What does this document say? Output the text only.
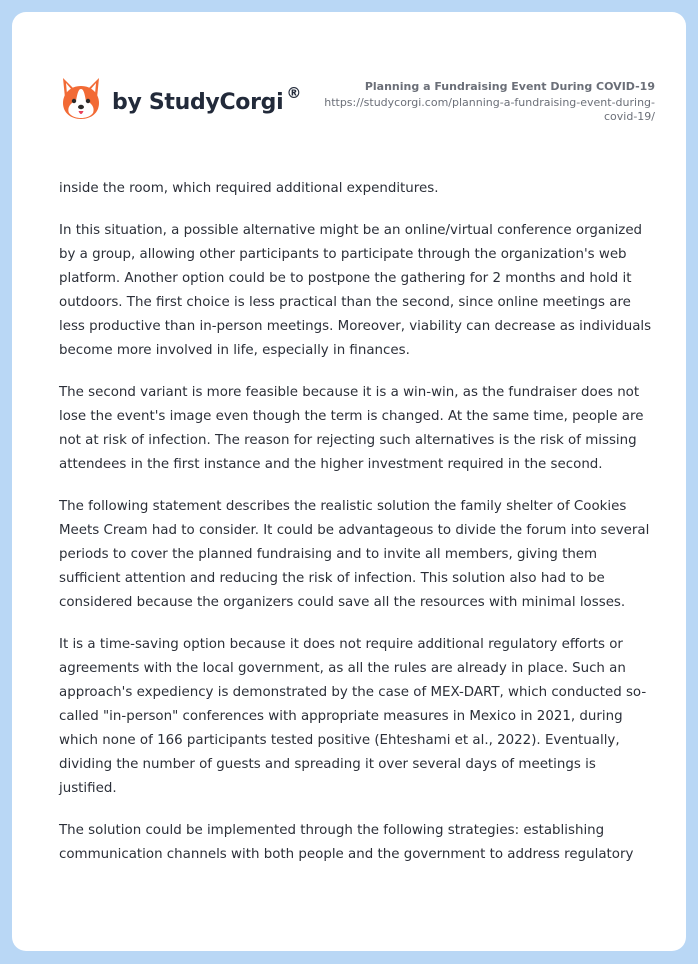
by StudyCorgi ®	Planning a Fundraising Event During COVID-19
https://studycorgi.com/planning-a-fundraising-event-during-covid-19/

inside the room, which required additional expenditures.

In this situation, a possible alternative might be an online/virtual conference organized by a group, allowing other participants to participate through the organization's web platform. Another option could be to postpone the gathering for 2 months and hold it outdoors. The first choice is less practical than the second, since online meetings are less productive than in-person meetings. Moreover, viability can decrease as individuals become more involved in life, especially in finances.

The second variant is more feasible because it is a win-win, as the fundraiser does not lose the event's image even though the term is changed. At the same time, people are not at risk of infection. The reason for rejecting such alternatives is the risk of missing attendees in the first instance and the higher investment required in the second.

The following statement describes the realistic solution the family shelter of Cookies Meets Cream had to consider. It could be advantageous to divide the forum into several periods to cover the planned fundraising and to invite all members, giving them sufficient attention and reducing the risk of infection. This solution also had to be considered because the organizers could save all the resources with minimal losses.

It is a time-saving option because it does not require additional regulatory efforts or agreements with the local government, as all the rules are already in place. Such an approach's expediency is demonstrated by the case of MEX-DART, which conducted so-called "in-person" conferences with appropriate measures in Mexico in 2021, during which none of 166 participants tested positive (Ehteshami et al., 2022). Eventually, dividing the number of guests and spreading it over several days of meetings is justified.

The solution could be implemented through the following strategies: establishing communication channels with both people and the government to address regulatory
